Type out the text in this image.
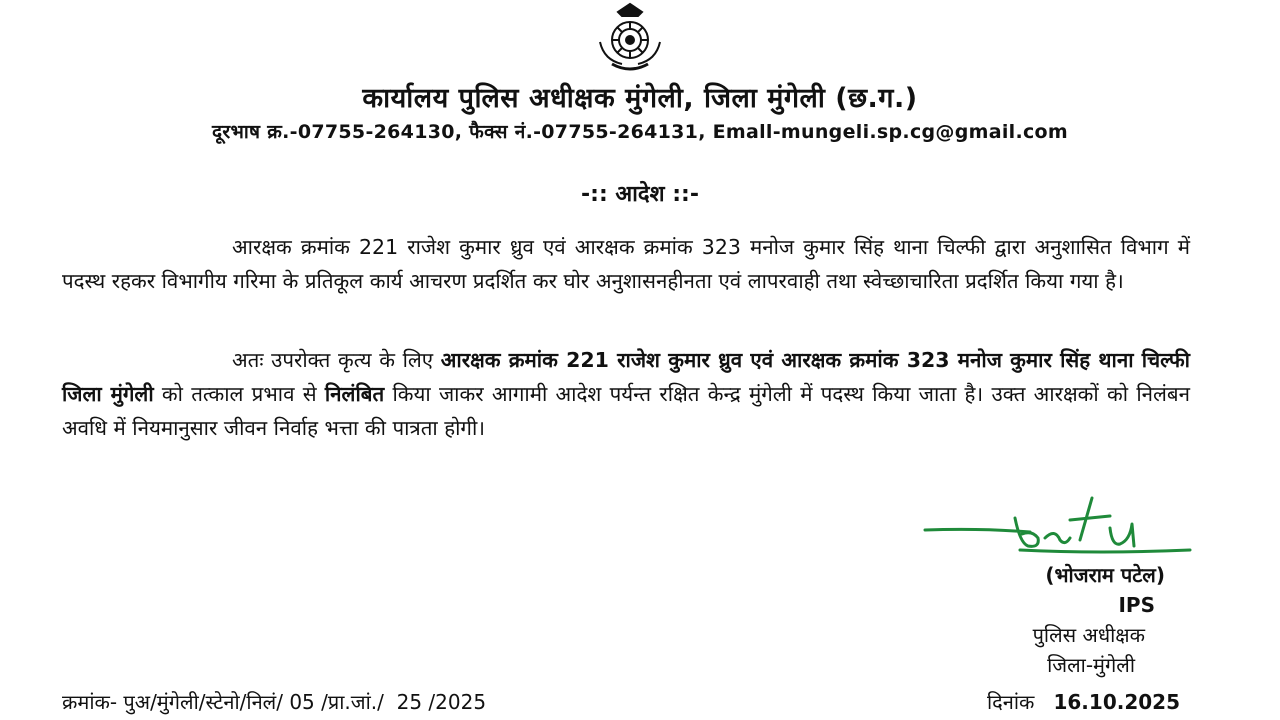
कार्यालय पुलिस अधीक्षक मुंगेली, जिला मुंगेली (छ.ग.)
दूरभाष क्र.-07755-264130, फैक्स नं.-07755-264131, Emall-mungeli.sp.cg@gmail.com
-:: आदेश ::-
आरक्षक क्रमांक 221 राजेश कुमार ध्रुव एवं आरक्षक क्रमांक 323 मनोज कुमार सिंह थाना चिल्फी द्वारा अनुशासित विभाग में पदस्थ रहकर विभागीय गरिमा के प्रतिकूल कार्य आचरण प्रदर्शित कर घोर अनुशासनहीनता एवं लापरवाही तथा स्वेच्छाचारिता प्रदर्शित किया गया है।
अतः उपरोक्त कृत्य के लिए आरक्षक क्रमांक 221 राजेश कुमार ध्रुव एवं आरक्षक क्रमांक 323 मनोज कुमार सिंह थाना चिल्फी जिला मुंगेली को तत्काल प्रभाव से निलंबित किया जाकर आगामी आदेश पर्यन्त रक्षित केन्द्र मुंगेली में पदस्थ किया जाता है। उक्त आरक्षकों को निलंबन अवधि में नियमानुसार जीवन निर्वाह भत्ता की पात्रता होगी।
(भोजराम पटेल)
IPS
पुलिस अधीक्षक
जिला-मुंगेली
क्रमांक- पुअ/मुंगेली/स्टेनो/निलं/ 05 /प्रा.जां./  25 /2025	दिनांक 16.10.2025
